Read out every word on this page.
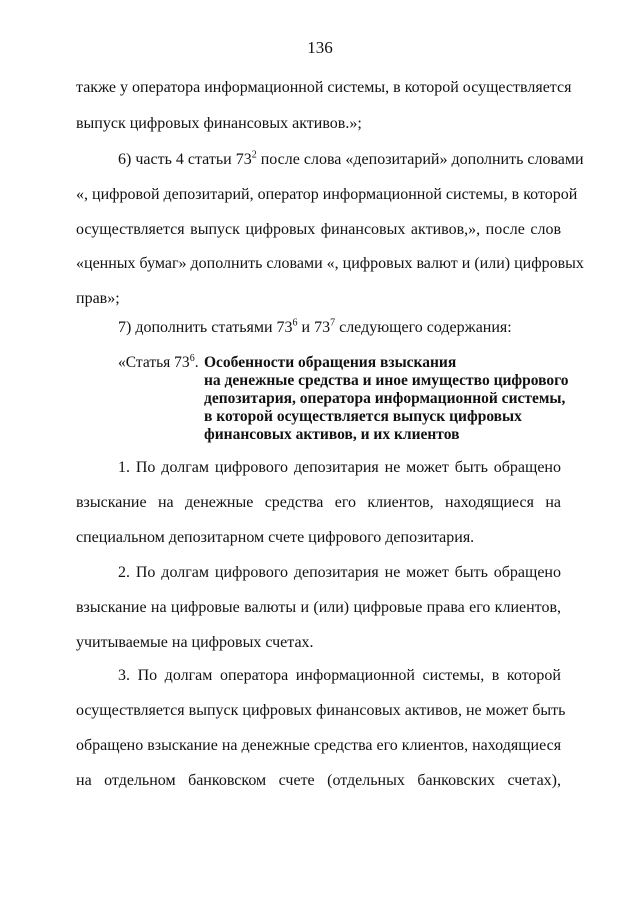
136
также у оператора информационной системы, в которой осуществляется
выпуск цифровых финансовых активов.»;
6) часть 4 статьи $73^2$ после слова «депозитарий» дополнить словами
«, цифровой депозитарий, оператор информационной системы, в которой
осуществляется выпуск цифровых финансовых активов,», после слов
«ценных бумаг» дополнить словами «, цифровых валют и (или) цифровых
прав»;
7) дополнить статьями $73^6$ и $73^7$ следующего содержания:
«Статья $73^6$. Особенности обращения взыскания
на денежные средства и иное имущество цифрового
депозитария, оператора информационной системы,
в которой осуществляется выпуск цифровых
финансовых активов, и их клиентов
1. По долгам цифрового депозитария не может быть обращено
взыскание на денежные средства его клиентов, находящиеся на
специальном депозитарном счете цифрового депозитария.
2. По долгам цифрового депозитария не может быть обращено
взыскание на цифровые валюты и (или) цифровые права его клиентов,
учитываемые на цифровых счетах.
3. По долгам оператора информационной системы, в которой
осуществляется выпуск цифровых финансовых активов, не может быть
обращено взыскание на денежные средства его клиентов, находящиеся
на отдельном банковском счете (отдельных банковских счетах),
